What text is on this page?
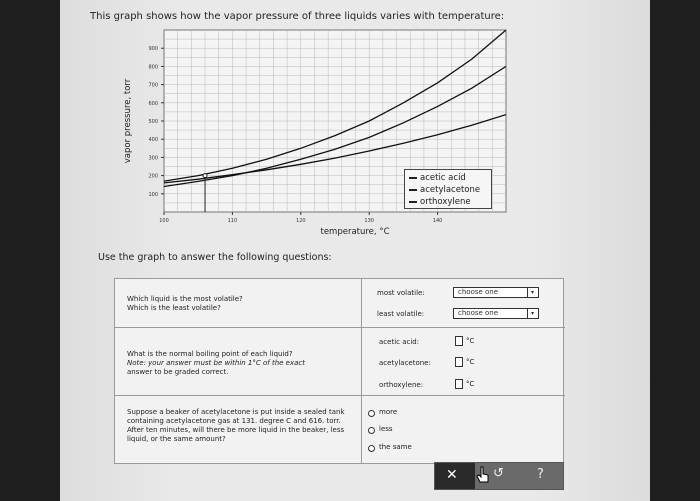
This graph shows how the vapor pressure of three liquids varies with temperature:
100
200
300
400
500
600
700
800
900
100	110	120	130	140
temperature, °C
vapor pressure, torr
acetic acid
acetylacetone
orthoxylene
Use the graph to answer the following questions:
Which liquid is the most volatile?
Which is the least volatile?
most volatile:	choose one	▾
least volatile:	choose one	▾
What is the normal boiling point of each liquid?
Note: your answer must be within 1°C of the exact
answer to be graded correct.
acetic acid:	°C
acetylacetone:	°C
orthoxylene:	°C
Suppose a beaker of acetylacetone is put inside a sealed tank containing acetylacetone gas at 131. degree C and 616. torr. After ten minutes, will there be more liquid in the beaker, less liquid, or the same amount?
more
less
the same
✕	↺	?
